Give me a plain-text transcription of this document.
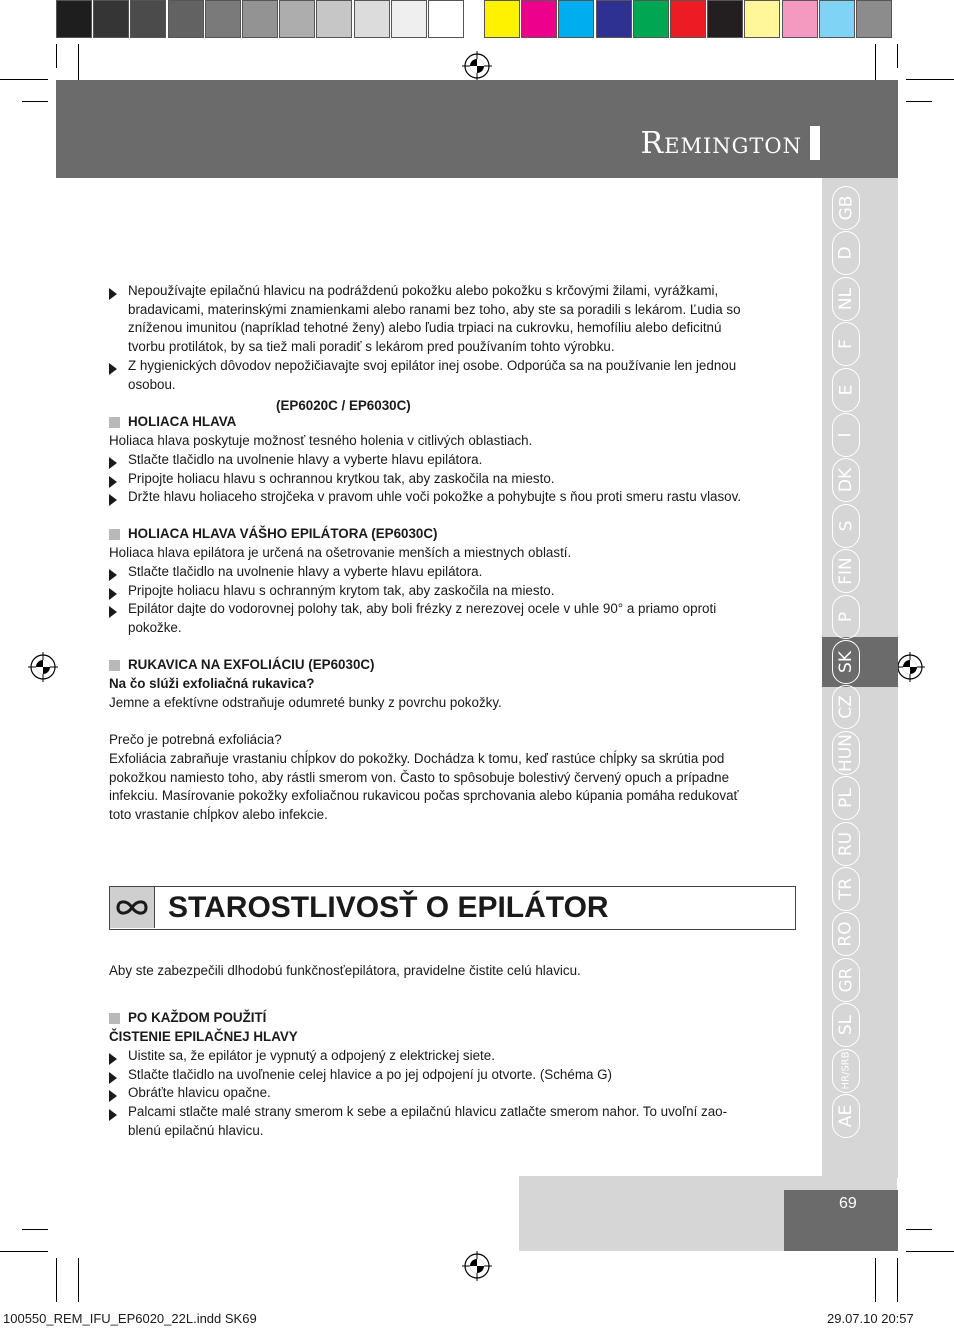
Remington
GB
D
NL
F
E
I
DK
S
FIN
P
SK
CZ
HUN
PL
RU
TR
RO
GR
SL
HR/SRB
AE
Nepoužívajte epilačnú hlavicu na podráždenú pokožku alebo pokožku s krčovými žilami, vyrážkami,
bradavicami, materinskými znamienkami alebo ranami bez toho, aby ste sa poradili s lekárom. Ľudia so
zníženou imunitou (napríklad tehotné ženy) alebo ľudia trpiaci na cukrovku, hemofíliu alebo deficitnú
tvorbu protilátok, by sa tiež mali poradiť s lekárom pred používaním tohto výrobku.
Z hygienických dôvodov nepožičiavajte svoj epilátor inej osobe. Odporúča sa na používanie len jednou
osobou.
(EP6020C / EP6030C)
HOLIACA HLAVA
Holiaca hlava poskytuje možnosť tesného holenia v citlivých oblastiach.
Stlačte tlačidlo na uvolnenie hlavy a vyberte hlavu epilátora.
Pripojte holiacu hlavu s ochrannou krytkou tak, aby zaskočila na miesto.
Držte hlavu holiaceho strojčeka v pravom uhle voči pokožke a pohybujte s ňou proti smeru rastu vlasov.
HOLIACA HLAVA VÁŠHO EPILÁTORA (EP6030C)
Holiaca hlava epilátora je určená na ošetrovanie menších a miestnych oblastí.
Stlačte tlačidlo na uvolnenie hlavy a vyberte hlavu epilátora.
Pripojte holiacu hlavu s ochranným krytom tak, aby zaskočila na miesto.
Epilátor dajte do vodorovnej polohy tak, aby boli frézky z nerezovej ocele v uhle 90° a priamo oproti
pokožke.
RUKAVICA NA EXFOLIÁCIU (EP6030C)
Na čo slúži exfoliačná rukavica?
Jemne a efektívne odstraňuje odumreté bunky z povrchu pokožky.
Prečo je potrebná exfoliácia?
Exfoliácia zabraňuje vrastaniu chĺpkov do pokožky. Dochádza k tomu, keď rastúce chĺpky sa skrútia pod
pokožkou namiesto toho, aby rástli smerom von. Často to spôsobuje bolestivý červený opuch a prípadne
infekciu. Masírovanie pokožky exfoliačnou rukavicou počas sprchovania alebo kúpania pomáha redukovať
toto vrastanie chĺpkov alebo infekcie.
STAROSTLIVOSŤ O EPILÁTOR
Aby ste zabezpečili dlhodobú funkčnosťepilátora, pravidelne čistite celú hlavicu.
PO KAŽDOM POUŽITÍ
ČISTENIE EPILAČNEJ HLAVY
Uistite sa, že epilátor je vypnutý a odpojený z elektrickej siete.
Stlačte tlačidlo na uvoľnenie celej hlavice a po jej odpojení ju otvorte. (Schéma G)
Obráťte hlavicu opačne.
Palcami stlačte malé strany smerom k sebe a epilačnú hlavicu zatlačte smerom nahor. To uvoľní zao-
blenú epilačnú hlavicu.
69
100550_REM_IFU_EP6020_22L.indd SK69	29.07.10 20:57
